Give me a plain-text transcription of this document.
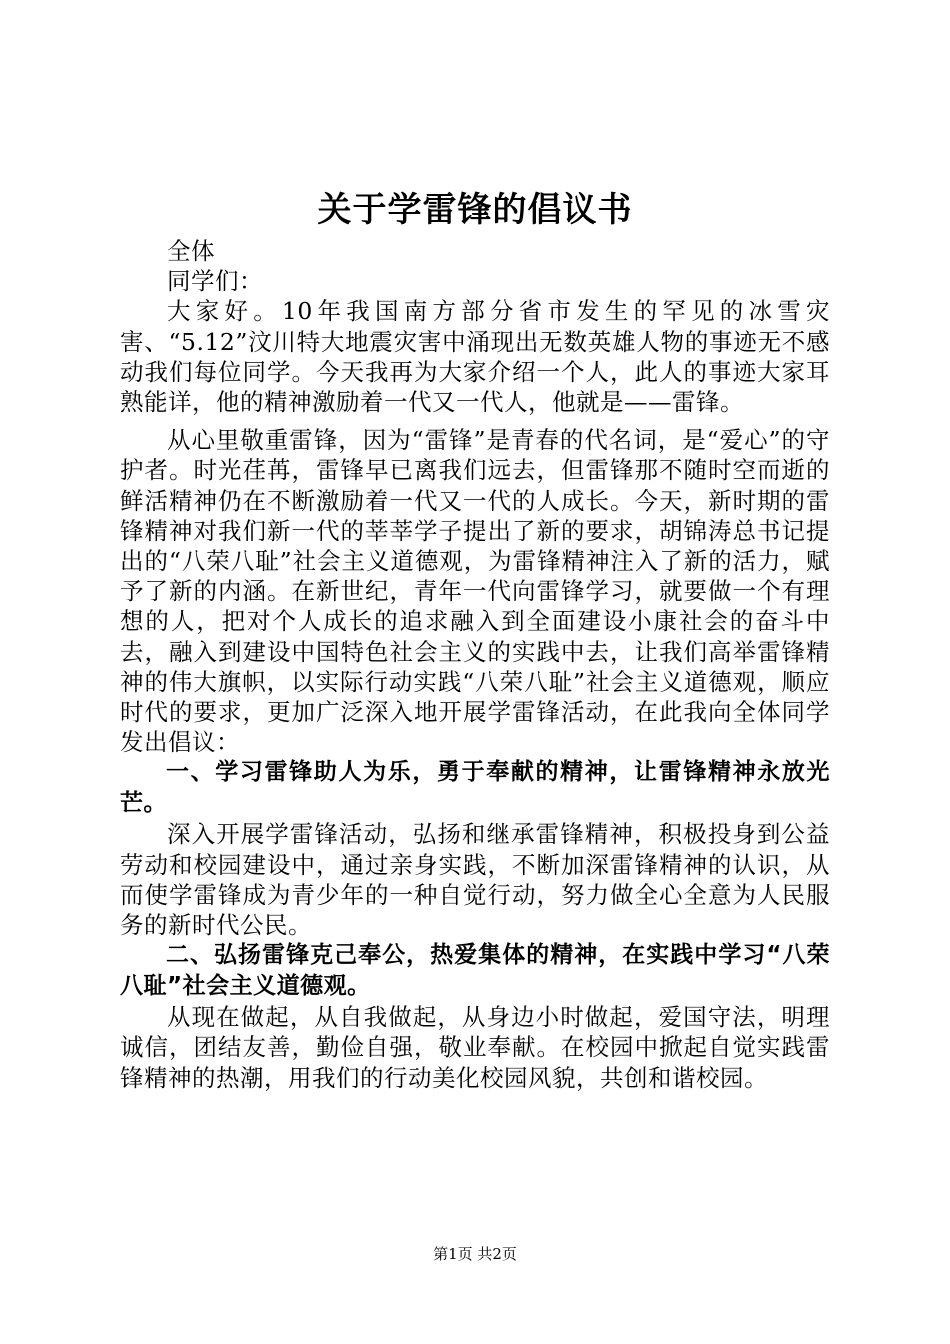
关于学雷锋的倡议书

全体

同学们：

大家好。10年我国南方部分省市发生的罕见的冰雪灾害、“5.12”汶川特大地震灾害中涌现出无数英雄人物的事迹无不感动我们每位同学。今天我再为大家介绍一个人，此人的事迹大家耳熟能详，他的精神激励着一代又一代人，他就是——雷锋。

从心里敬重雷锋，因为“雷锋”是青春的代名词，是“爱心”的守护者。时光荏苒，雷锋早已离我们远去，但雷锋那不随时空而逝的鲜活精神仍在不断激励着一代又一代的人成长。今天，新时期的雷锋精神对我们新一代的莘莘学子提出了新的要求，胡锦涛总书记提出的“八荣八耻”社会主义道德观，为雷锋精神注入了新的活力，赋予了新的内涵。在新世纪，青年一代向雷锋学习，就要做一个有理想的人，把对个人成长的追求融入到全面建设小康社会的奋斗中去，融入到建设中国特色社会主义的实践中去，让我们高举雷锋精神的伟大旗帜，以实际行动实践“八荣八耻”社会主义道德观，顺应时代的要求，更加广泛深入地开展学雷锋活动，在此我向全体同学发出倡议：

一、学习雷锋助人为乐，勇于奉献的精神，让雷锋精神永放光芒。

深入开展学雷锋活动，弘扬和继承雷锋精神，积极投身到公益劳动和校园建设中，通过亲身实践，不断加深雷锋精神的认识，从而使学雷锋成为青少年的一种自觉行动，努力做全心全意为人民服务的新时代公民。

二、弘扬雷锋克己奉公，热爱集体的精神，在实践中学习“八荣八耻”社会主义道德观。

从现在做起，从自我做起，从身边小时做起，爱国守法，明理诚信，团结友善，勤俭自强，敬业奉献。在校园中掀起自觉实践雷锋精神的热潮，用我们的行动美化校园风貌，共创和谐校园。

第1页 共2页
